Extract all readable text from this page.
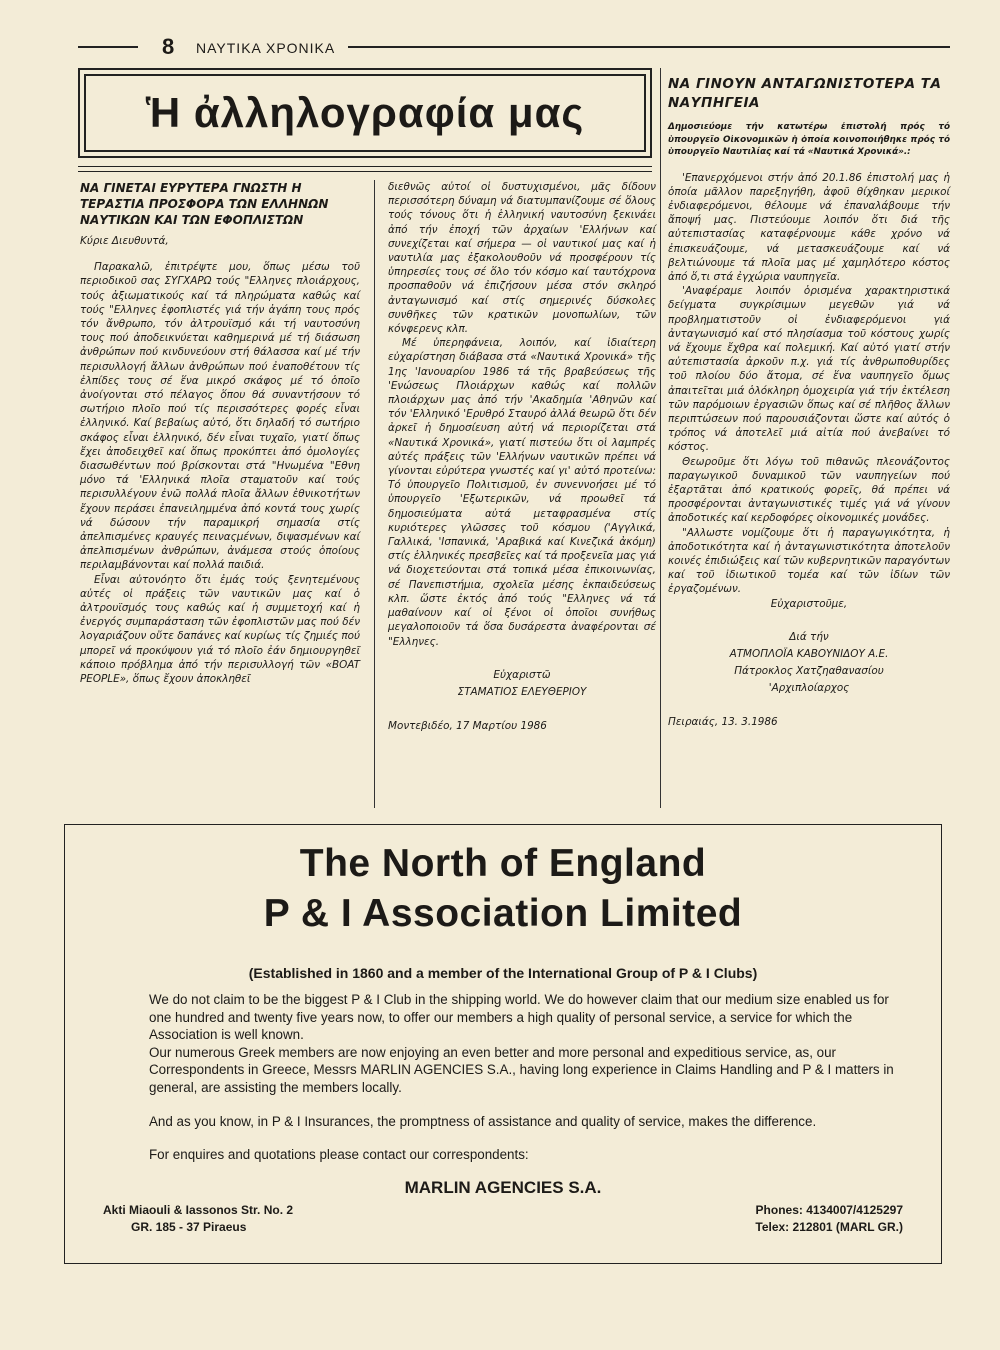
8 ΝΑΥΤΙΚΑ ΧΡΟΝΙΚΑ
Ἡ ἀλληλογραφία μας
ΝΑ ΓΙΝΕΤΑΙ ΕΥΡΥΤΕΡΑ ΓΝΩΣΤΗ Η ΤΕΡΑΣΤΙΑ ΠΡΟΣΦΟΡΑ ΤΩΝ ΕΛΛΗΝΩΝ ΝΑΥΤΙΚΩΝ ΚΑΙ ΤΩΝ ΕΦΟΠΛΙΣΤΩΝ

Κύριε Διευθυντά,

Παρακαλῶ, ἐπιτρέψτε μου, ὅπως μέσω τοῦ περιοδικοῦ σας ΣΥΓΧΑΡΩ τούς "Ελληνες πλοιάρχους, τούς ἀξιωματικούς καί τά πληρώματα καθώς καί τούς "Ελληνες ἐφοπλιστές γιά τήν ἀγάπη τους πρός τόν ἄνθρωπο, τόν ἀλτρουϊσμό κάι τή ναυτοσύνη τους πού ἀποδεικνύεται καθημερινά μέ τή διάσωση ἀνθρώπων πού κινδυνεύουν στή θάλασσα καί μέ τήν περισυλλογή ἄλλων ἀνθρώπων πού ἐναποθέτουν τίς ἐλπίδες τους σέ ἕνα μικρό σκάφος μέ τό ὁποῖο ἀνοίγονται στό πέλαγος ὅπου θά συναντήσουν τό σωτήριο πλοῖο πού τίς περισσότερες φορές εἶναι ἑλληνικό. Καί βεβαίως αὐτό, ὅτι δηλαδή τό σωτήριο σκάφος εἶναι ἑλληνικό, δέν εἶναι τυχαῖο, γιατί ὅπως ἔχει ἀποδειχθεῖ καί ὅπως προκύπτει ἀπό ὁμολογίες διασωθέντων πού βρίσκονται στά "Ηνωμένα "Εθνη μόνο τά 'Ελληνικά πλοῖα σταματοῦν καί τούς περισυλλέγουν ἐνῶ πολλά πλοῖα ἄλλων ἐθνικοτήτων ἔχουν περάσει ἐπανειλημμένα ἀπό κοντά τους χωρίς νά δώσουν τήν παραμικρή σημασία στίς ἀπελπισμένες κραυγές πειναςμένων, διψασμένων καί ἀπελπισμένων ἀνθρώπων, ἀνάμεσα στούς ὁποίους περιλαμβάνονται καί πολλά παιδιά.

Εἶναι αὐτονόητο ὅτι ἐμάς τούς ξενητεμένους αὐτές οἱ πράξεις τῶν ναυτικῶν μας καί ὁ ἀλτρουϊσμός τους καθώς καί ἡ συμμετοχή καί ἡ ἐνεργός συμπαράσταση τῶν ἐφοπλιστῶν μας πού δέν λογαριάζουν οὔτε δαπάνες καί κυρίως τίς ζημιές πού μπορεῖ νά προκύψουν γιά τό πλοῖο ἐάν δημιουργηθεῖ κάποιο πρόβλημα ἀπό τήν περισυλλογή τῶν «BOAT PEOPLE», ὅπως ἔχουν ἀποκληθεῖ

διεθνῶς αὐτοί οἱ δυστυχισμένοι, μᾶς δίδουν περισσότερη δύναμη νά διατυμπανίζουμε σέ ὅλους τούς τόνους ὅτι ἡ ἑλληνική ναυτοσύνη ξεκινάει ἀπό τήν ἐποχή τῶν ἀρχαίων 'Ελλήνων καί συνεχίζεται καί σήμερα — οἱ ναυτικοί μας καί ἡ ναυτιλία μας ἐξακολουθοῦν νά προσφέρουν τίς ὑπηρεσίες τους σέ ὅλο τόν κόσμο καί ταυτόχρονα προσπαθοῦν νά ἐπιζήσουν μέσα στόν σκληρό ἀνταγωνισμό καί στίς σημερινές δύσκολες συνθῆκες τῶν κρατικῶν μονοπωλίων, τῶν κόνφερενς κλπ.

Μέ ὑπερηφάνεια, λοιπόν, καί ἰδιαίτερη εὐχαρίστηση διάβασα στά «Ναυτικά Χρονικά» τῆς 1ης 'Ιανουαρίου 1986 τά τῆς βραβεύσεως τῆς 'Ενώσεως Πλοιάρχων καθώς καί πολλῶν πλοιάρχων μας ἀπό τήν 'Ακαδημία 'Αθηνῶν καί τόν 'Ελληνικό 'Ερυθρό Σταυρό ἀλλά θεωρῶ ὅτι δέν ἀρκεῖ ἡ δημοσίευση αὐτή νά περιορίζεται στά «Ναυτικά Χρονικά», γιατί πιστεύω ὅτι οἱ λαμπρές αὐτές πράξεις τῶν 'Ελλήνων ναυτικῶν πρέπει νά γίνονται εὐρύτερα γνωστές καί γι' αὐτό προτείνω: Τό ὑπουργεῖο Πολιτισμοῦ, ἐν συνεννοήσει μέ τό ὑπουργεῖο 'Εξωτερικῶν, νά προωθεῖ τά δημοσιεύματα αὐτά μεταφρασμένα στίς κυριότερες γλῶσσες τοῦ κόσμου ('Αγγλικά, Γαλλικά, 'Ισπανικά, 'Αραβικά καί Κινεζικά ἀκόμη) στίς ἑλληνικές πρεσβεῖες καί τά προξενεῖα μας γιά νά διοχετεύονται στά τοπικά μέσα ἐπικοινωνίας, σέ Πανεπιστήμια, σχολεῖα μέσης ἐκπαιδεύσεως κλπ. ὥστε ἐκτός ἀπό τούς "Ελληνες νά τά μαθαίνουν καί οἱ ξένοι οἱ ὁποῖοι συνήθως μεγαλοποιοῦν τά ὅσα δυσάρεστα ἀναφέρονται σέ "Ελληνες.

Εὐχαριστῶ
ΣΤΑΜΑΤΙΟΣ ΕΛΕΥΘΕΡΙΟΥ
Μοντεβιδέο, 17 Μαρτίου 1986
ΝΑ ΓΙΝΟΥΝ ΑΝΤΑΓΩΝΙΣΤΟΤΕΡΑ ΤΑ ΝΑΥΠΗΓΕΙΑ
Δημοσιεύομε τήν κατωτέρω ἐπιστολή πρός τό ὑπουργεῖο Οἰκονομικῶν ἡ ὁποία κοινοποιήθηκε πρός τό ὑπουργεῖο Ναυτιλίας καί τά «Ναυτικά Χρονικά».:

'Επανερχόμενοι στήν ἀπό 20.1.86 ἐπιστολή μας ἡ ὁποία μᾶλλον παρεξηγήθη, ἀφοῦ θίχθηκαν μερικοί ἐνδιαφερόμενοι, θέλουμε νά ἐπαναλάβουμε τήν ἄποψή μας. Πιστεύουμε λοιπόν ὅτι διά τῆς αὐτεπιστασίας καταφέρνουμε κάθε χρόνο νά ἐπισκευάζουμε, νά μετασκευάζουμε καί νά βελτιώνουμε τά πλοῖα μας μέ χαμηλότερο κόστος ἀπό ὅ,τι στά ἐγχώρια ναυπηγεῖα.

'Αναφέραμε λοιπόν ὁρισμένα χαρακτηριστικά δείγματα συγκρίσιμων μεγεθῶν γιά νά προβληματιστοῦν οἱ ἐνδιαφερόμενοι γιά ἀνταγωνισμό καί στό πλησίασμα τοῦ κόστους χωρίς νά ἔχουμε ἔχθρα καί πολεμική. Καί αὐτό γιατί στήν αὐτεπιστασία ἀρκοῦν π.χ. γιά τίς ἀνθρωποθυρίδες τοῦ πλοίου δύο ἄτομα, σέ ἕνα ναυπηγεῖο ὅμως ἀπαιτεῖται μιά ὁλόκληρη ὁμοχειρία γιά τήν ἐκτέλεση τῶν παρόμοιων ἐργασιῶν ὅπως καί σέ πλῆθος ἄλλων περιπτώσεων πού παρουσιάζονται ὥστε καί αὐτός ὁ τρόπος νά ἀποτελεῖ μιά αἰτία πού ἀνεβαίνει τό κόστος.

Θεωροῦμε ὅτι λόγω τοῦ πιθανῶς πλεονάζοντος παραγωγικοῦ δυναμικοῦ τῶν ναυπηγείων πού ἐξαρτᾶται ἀπό κρατικούς φορεῖς, θά πρέπει νά προσφέρονται ἀνταγωνιστικές τιμές γιά νά γίνουν ἀποδοτικές καί κερδοφόρες οἰκονομικές μονάδες.

"Αλλωστε νομίζουμε ὅτι ἡ παραγωγικότητα, ἡ ἀποδοτικότητα καί ἡ ἀνταγωνιστικότητα ἀποτελοῦν κοινές ἐπιδιώξεις καί τῶν κυβερνητικῶν παραγόντων καί τοῦ ἰδιωτικοῦ τομέα καί τῶν ἰδίων τῶν ἐργαζομένων.

Εὐχαριστοῦμε,

Διά τήν
ΑΤΜΟΠΛΟΪΑ ΚΑΒΟΥΝΙΔΟΥ Α.Ε.
Πάτροκλος Χατζηαθανασίου
'Αρχιπλοίαρχος
Πειραιάς, 13. 3.1986
The North of England
P & I Association Limited
(Established in 1860 and a member of the International Group of P & I Clubs)

We do not claim to be the biggest P & I Club in the shipping world. We do however claim that our medium size enabled us for one hundred and twenty five years now, to offer our members a high quality of personal service, a service for which the Association is well known.

Our numerous Greek members are now enjoying an even better and more personal and expeditious service, as, our Correspondents in Greece, Messrs MARLIN AGENCIES S.A., having long experience in Claims Handling and P & I matters in general, are assisting the members locally.

And as you know, in P & I Insurances, the promptness of assistance and quality of service, makes the difference.

For enquires and quotations please contact our correspondents:

MARLIN AGENCIES S.A.
Akti Miaouli & Iassonos Str. No. 2
GR. 185 - 37 Piraeus
Phones: 4134007/4125297
Telex: 212801 (MARL GR.)
